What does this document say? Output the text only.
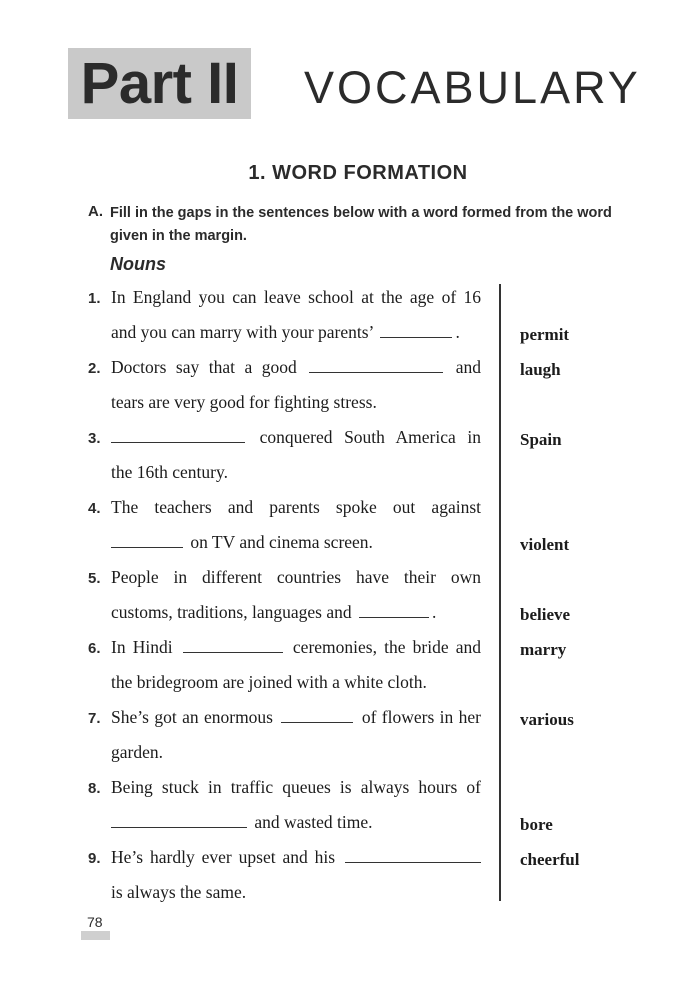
Part II VOCABULARY
1. WORD FORMATION
A. Fill in the gaps in the sentences below with a word formed from the word given in the margin.
Nouns
1. In England you can leave school at the age of 16
and you can marry with your parents’	.	permit
2. Doctors say that a good	and
tears are very good for fighting stress.
laugh
3.	conquered South America in
the 16th century.
Spain
4. The teachers and parents spoke out against
on TV and cinema screen.	violent
5. People in different countries have their own
customs, traditions, languages and	.	believe
6. In Hindi	ceremonies, the bride and
the bridegroom are joined with a white cloth.
marry
7. She’s got an enormous	of flowers in her
garden.
various
8. Being stuck in traffic queues is always hours of
and wasted time.	bore
9. He’s hardly ever upset and his
is always the same.
cheerful
78
